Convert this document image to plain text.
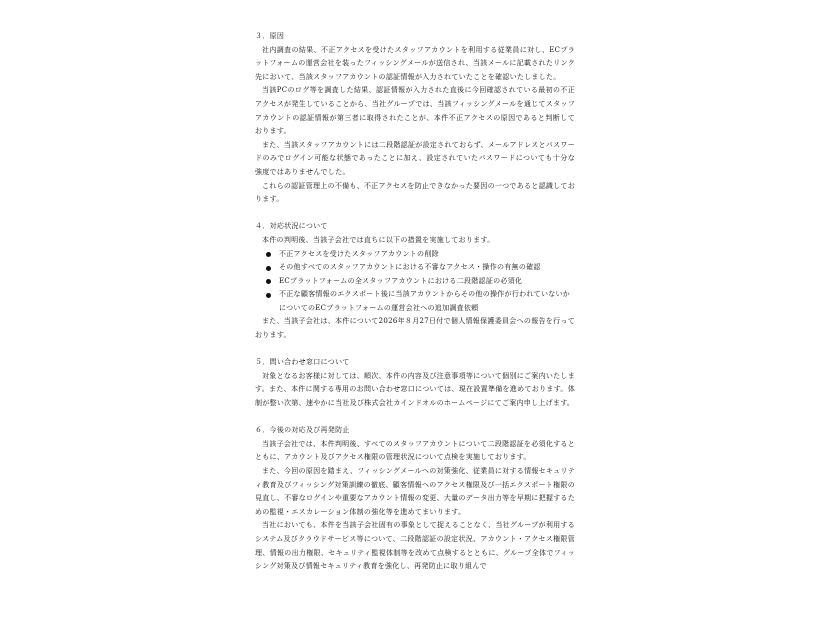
３．原因

社内調査の結果、不正アクセスを受けたスタッフアカウントを利用する従業員に対し、ECプラットフォームの運営会社を装ったフィッシングメールが送信され、当該メールに記載されたリンク先において、当該スタッフアカウントの認証情報が入力されていたことを確認いたしました。

当該PCのログ等を調査した結果、認証情報が入力された直後に今回確認されている最初の不正アクセスが発生していることから、当社グループでは、当該フィッシングメールを通じてスタッフアカウントの認証情報が第三者に取得されたことが、本件不正アクセスの原因であると判断しております。

また、当該スタッフアカウントには二段階認証が設定されておらず、メールアドレスとパスワードのみでログイン可能な状態であったことに加え、設定されていたパスワードについても十分な強度ではありませんでした。

これらの認証管理上の不備も、不正アクセスを防止できなかった要因の一つであると認識しております。

４．対応状況について

本件の判明後、当該子会社では直ちに以下の措置を実施しております。

不正アクセスを受けたスタッフアカウントの削除
その他すべてのスタッフアカウントにおける不審なアクセス・操作の有無の確認
ECプラットフォームの全スタッフアカウントにおける二段階認証の必須化
不正な顧客情報のエクスポート後に当該アカウントからその他の操作が行われていないかについてのECプラットフォームの運営会社への追加調査依頼

また、当該子会社は、本件について2026年８月27日付で個人情報保護委員会への報告を行っております。

５．問い合わせ窓口について

対象となるお客様に対しては、順次、本件の内容及び注意事項等について個別にご案内いたします。また、本件に関する専用のお問い合わせ窓口については、現在設置準備を進めております。体制が整い次第、速やかに当社及び株式会社カインドオルのホームページにてご案内申し上げます。

６．今後の対応及び再発防止

当該子会社では、本件判明後、すべてのスタッフアカウントについて二段階認証を必須化するとともに、アカウント及びアクセス権限の管理状況について点検を実施しております。

また、今回の原因を踏まえ、フィッシングメールへの対策強化、従業員に対する情報セキュリティ教育及びフィッシング対策訓練の徹底、顧客情報へのアクセス権限及び一括エクスポート権限の見直し、不審なログインや重要なアカウント情報の変更、大量のデータ出力等を早期に把握するための監視・エスカレーション体制の強化等を進めてまいります。

当社においても、本件を当該子会社固有の事象として捉えることなく、当社グループが利用するシステム及びクラウドサービス等について、二段階認証の設定状況、アカウント・アクセス権限管理、情報の出力権限、セキュリティ監視体制等を改めて点検するとともに、グループ全体でフィッシング対策及び情報セキュリティ教育を強化し、再発防止に取り組んで
